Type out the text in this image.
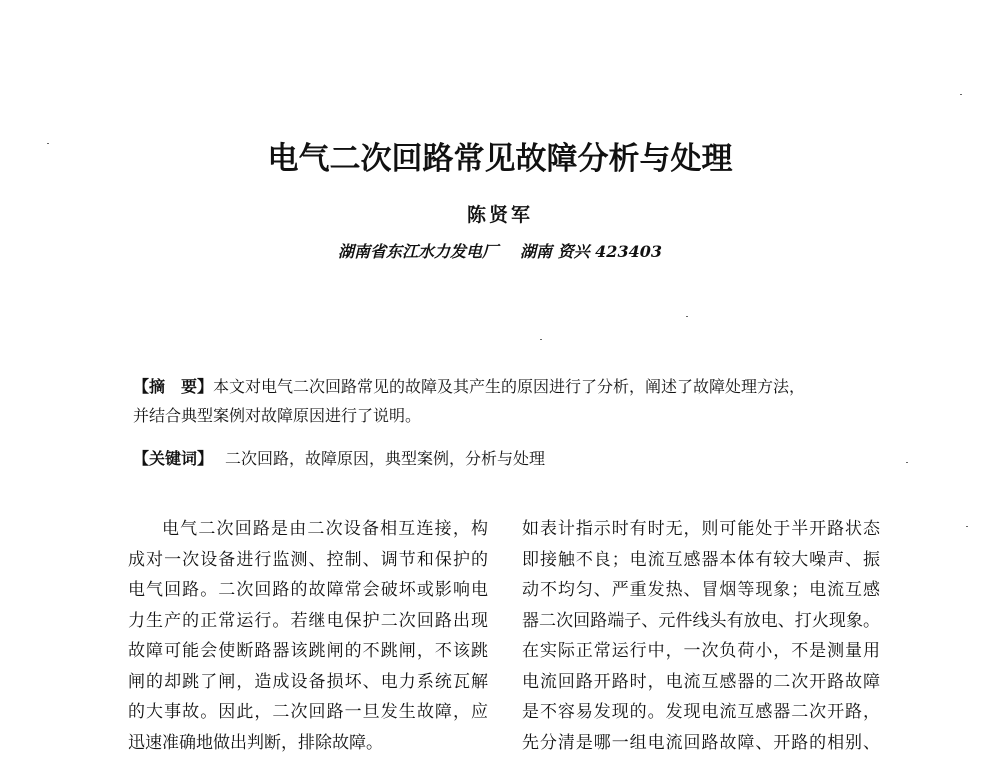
电气二次回路常见故障分析与处理
陈贤军
湖南省东江水力发电厂 湖南 资兴 423403
【摘　要】本文对电气二次回路常见的故障及其产生的原因进行了分析，阐述了故障处理方法，
并结合典型案例对故障原因进行了说明。
【关键词】 二次回路，故障原因，典型案例，分析与处理
电气二次回路是由二次设备相互连接，构
成对一次设备进行监测、控制、调节和保护的
电气回路。二次回路的故障常会破坏或影响电
力生产的正常运行。若继电保护二次回路出现
故障可能会使断路器该跳闸的不跳闸，不该跳
闸的却跳了闸，造成设备损坏、电力系统瓦解
的大事故。因此，二次回路一旦发生故障，应
迅速准确地做出判断，排除故障。
如表计指示时有时无，则可能处于半开路状态
即接触不良；电流互感器本体有较大噪声、振
动不均匀、严重发热、冒烟等现象；电流互感
器二次回路端子、元件线头有放电、打火现象。
在实际正常运行中，一次负荷小，不是测量用
电流回路开路时，电流互感器的二次开路故障
是不容易发现的。发现电流互感器二次开路，
先分清是哪一组电流回路故障、开路的相别、
